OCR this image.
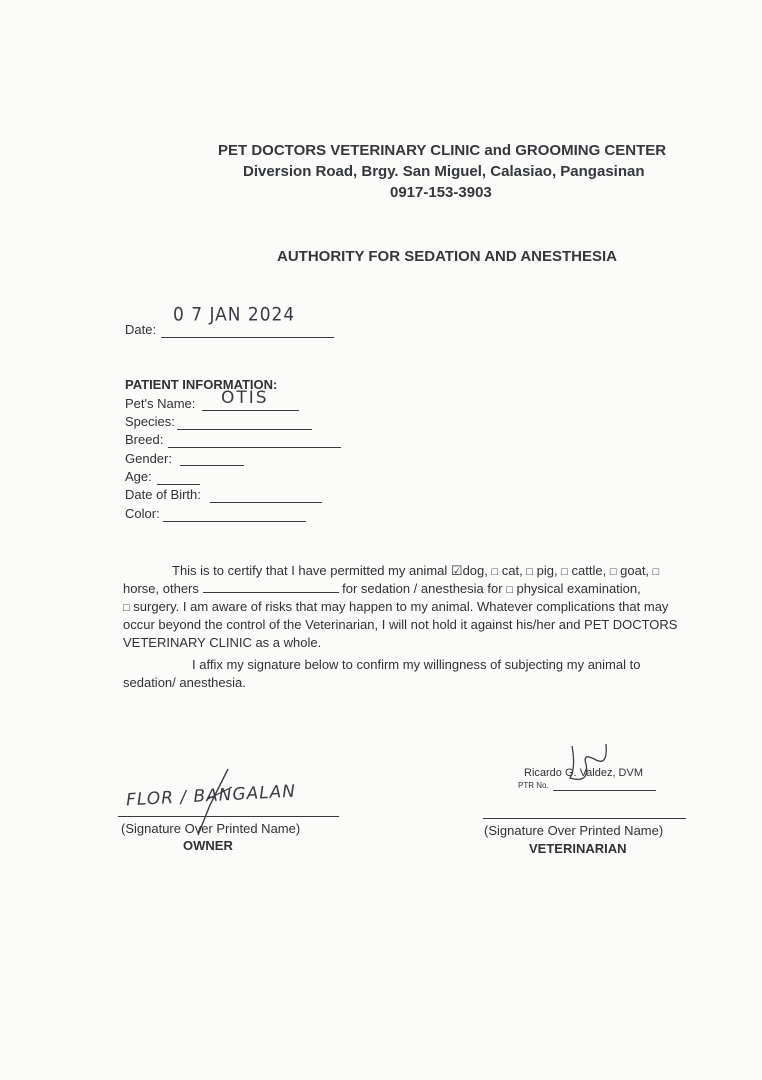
PET DOCTORS VETERINARY CLINIC and GROOMING CENTER
Diversion Road, Brgy. San Miguel, Calasiao, Pangasinan
0917-153-3903
AUTHORITY FOR SEDATION AND ANESTHESIA
Date:
0 7 JAN 2024
PATIENT INFORMATION:
Pet's Name: OTIS
Species:
Breed:
Gender:
Age:
Date of Birth:
Color:
This is to certify that I have permitted my animal ☑dog, □ cat, □ pig, □ cattle, □ goat, □
horse, others	for sedation / anesthesia for □ physical examination,
□ surgery. I am aware of risks that may happen to my animal. Whatever complications that may
occur beyond the control of the Veterinarian, I will not hold it against his/her and PET DOCTORS
VETERINARY CLINIC as a whole.
I affix my signature below to confirm my willingness of subjecting my animal to
sedation/ anesthesia.
FLOR / BANGALAN
(Signature Over Printed Name)
OWNER
Ricardo G. Valdez, DVM
PTR No.
(Signature Over Printed Name)
VETERINARIAN
